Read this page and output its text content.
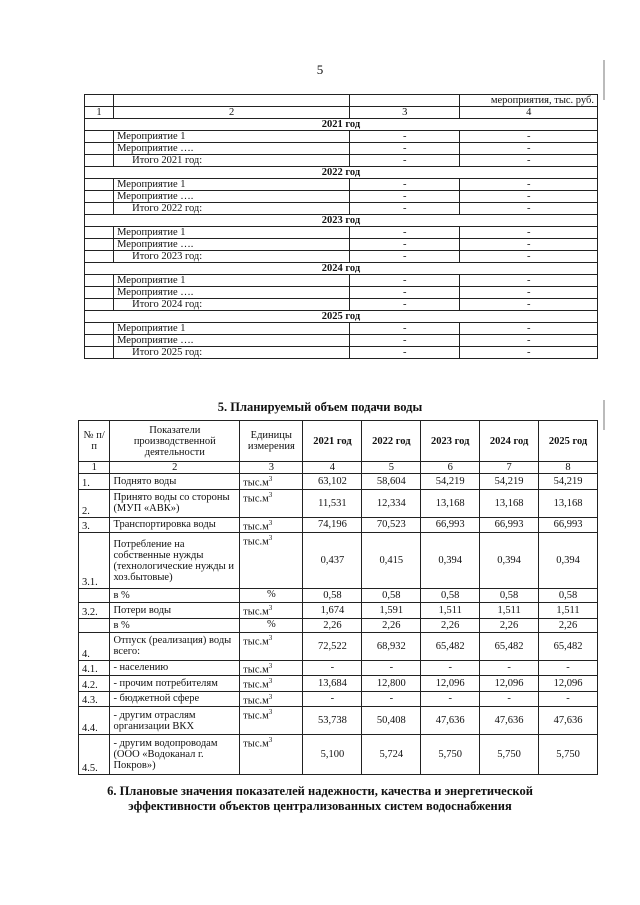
5
			мероприятия, тыс. руб.
1	2	3	4
2021 год			
	Мероприятие 1	-	-
	Мероприятие ….	-	-
	Итого 2021 год:	-	-
2022 год			
	Мероприятие 1	-	-
	Мероприятие ….	-	-
	Итого 2022 год:	-	-
2023 год			
	Мероприятие 1	-	-
	Мероприятие ….	-	-
	Итого 2023 год:	-	-
2024 год			
	Мероприятие 1	-	-
	Мероприятие ….	-	-
	Итого 2024 год:	-	-
2025 год			
	Мероприятие 1	-	-
	Мероприятие ….	-	-
	Итого 2025 год:	-	-
5. Планируемый объем подачи воды
№ п/п	Показатели производственной деятельности	Единицы измерения	2021 год	2022 год	2023 год	2024 год	2025 год
1	2	3	4	5	6	7	8
1.	Поднято воды	$тыс.м^3$	63,102	58,604	54,219	54,219	54,219
2.	Принято воды со стороны (МУП «АВК»)	$тыс.м^3$	11,531	12,334	13,168	13,168	13,168
3.	Транспортировка воды	$тыс.м^3$	74,196	70,523	66,993	66,993	66,993
3.1.	Потребление на собственные нужды (технологические нужды и хоз.бытовые)	$тыс.м^3$	0,437	0,415	0,394	0,394	0,394
	в %	%	0,58	0,58	0,58	0,58	0,58
3.2.	Потери воды	$тыс.м^3$	1,674	1,591	1,511	1,511	1,511
	в %	%	2,26	2,26	2,26	2,26	2,26
4.	Отпуск (реализация) воды всего:	$тыс.м^3$	72,522	68,932	65,482	65,482	65,482
4.1.	- населению	$тыс.м^3$	-	-	-	-	-
4.2.	- прочим потребителям	$тыс.м^3$	13,684	12,800	12,096	12,096	12,096
4.3.	- бюджетной сфере	$тыс.м^3$	-	-	-	-	-
4.4.	- другим отраслям организации ВКХ	$тыс.м^3$	53,738	50,408	47,636	47,636	47,636
4.5.	- другим водопроводам (ООО «Водоканал г. Покров»)	$тыс.м^3$	5,100	5,724	5,750	5,750	5,750
6. Плановые значения показателей надежности, качества и энергетической
эффективности объектов централизованных систем водоснабжения
